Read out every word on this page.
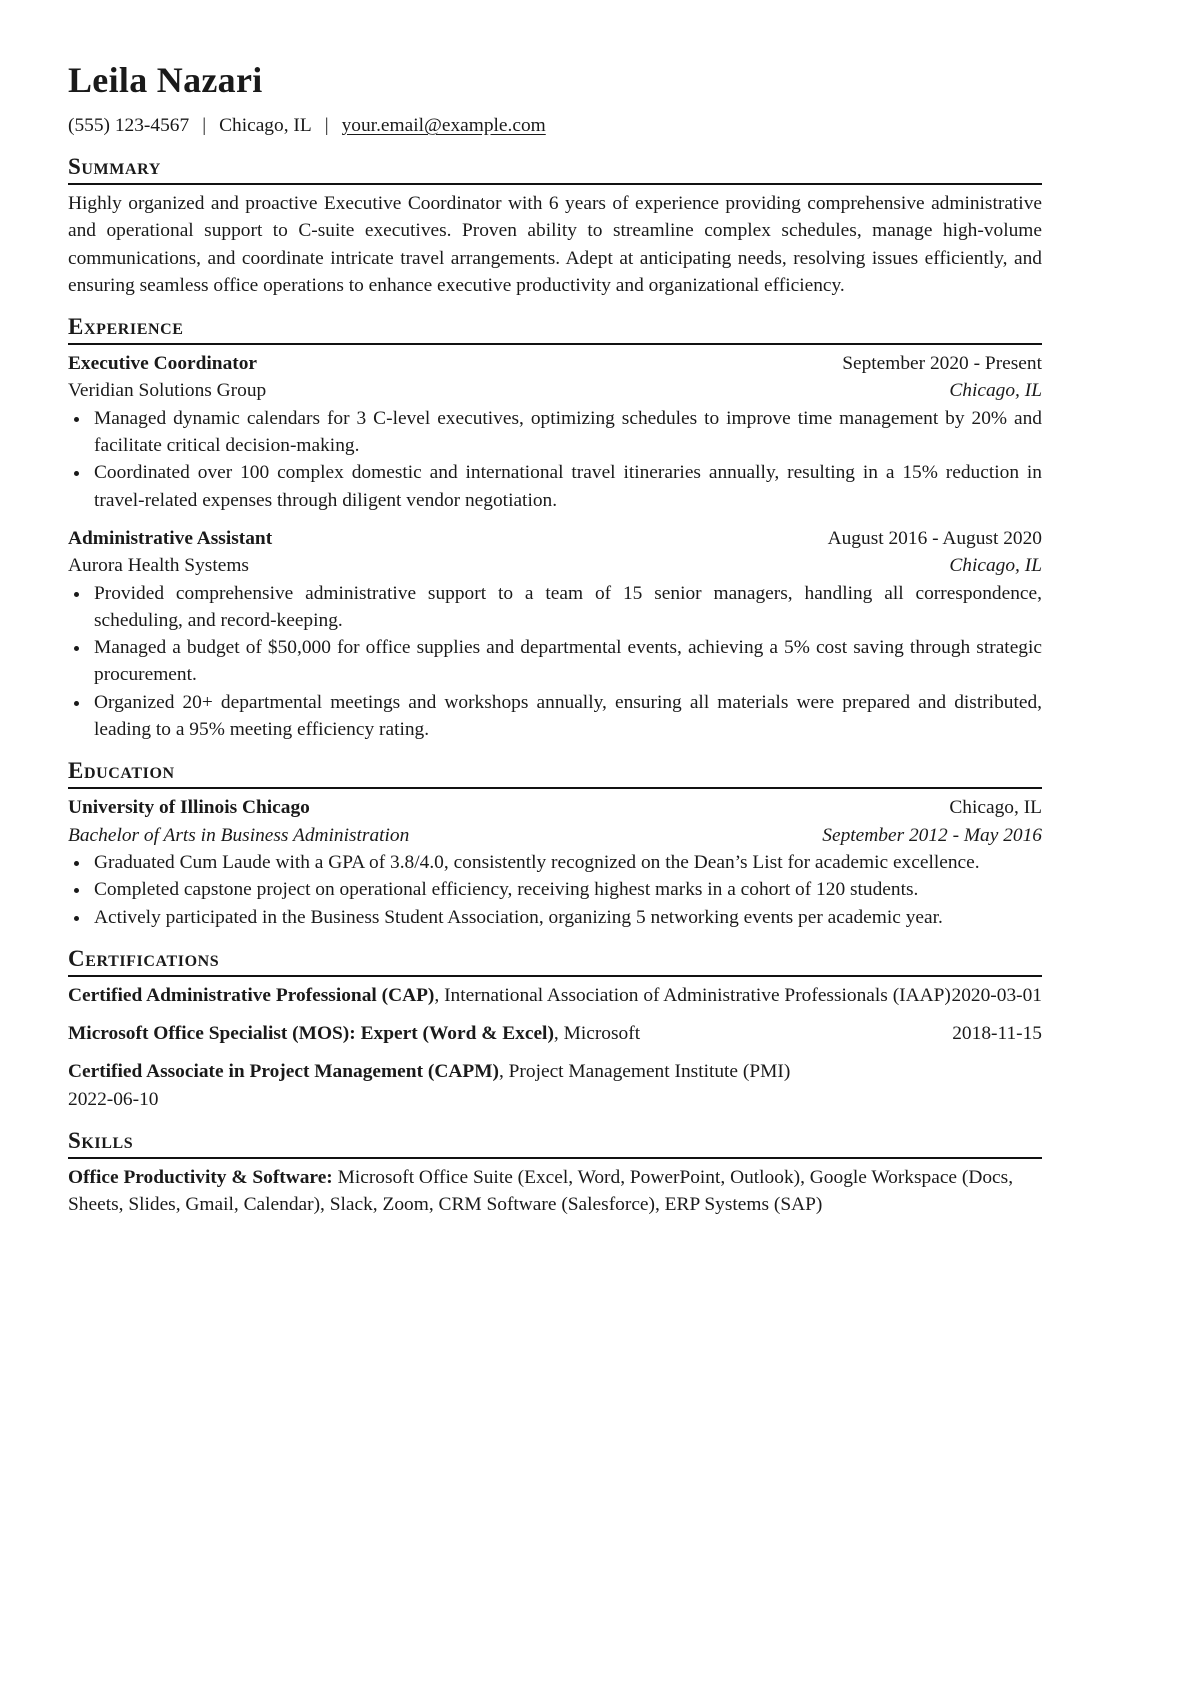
Leila Nazari
(555) 123-4567 | Chicago, IL | your.email@example.com
Summary
Highly organized and proactive Executive Coordinator with 6 years of experience providing comprehensive administrative and operational support to C-suite executives. Proven ability to streamline complex schedules, manage high-volume communications, and coordinate intricate travel arrangements. Adept at anticipating needs, resolving issues efficiently, and ensuring seamless office operations to enhance executive productivity and organizational efficiency.
Experience
Executive Coordinator	September 2020 - Present
Veridian Solutions Group	Chicago, IL
Managed dynamic calendars for 3 C-level executives, optimizing schedules to improve time management by 20% and facilitate critical decision-making.
Coordinated over 100 complex domestic and international travel itineraries annually, resulting in a 15% reduction in travel-related expenses through diligent vendor negotiation.
Administrative Assistant	August 2016 - August 2020
Aurora Health Systems	Chicago, IL
Provided comprehensive administrative support to a team of 15 senior managers, handling all correspondence, scheduling, and record-keeping.
Managed a budget of $50,000 for office supplies and departmental events, achieving a 5% cost saving through strategic procurement.
Organized 20+ departmental meetings and workshops annually, ensuring all materials were prepared and distributed, leading to a 95% meeting efficiency rating.
Education
University of Illinois Chicago	Chicago, IL
Bachelor of Arts in Business Administration	September 2012 - May 2016
Graduated Cum Laude with a GPA of 3.8/4.0, consistently recognized on the Dean’s List for academic excellence.
Completed capstone project on operational efficiency, receiving highest marks in a cohort of 120 students.
Actively participated in the Business Student Association, organizing 5 networking events per academic year.
Certifications
Certified Administrative Professional (CAP), International Association of Administrative Professionals (IAAP) 2020-03-01
Microsoft Office Specialist (MOS): Expert (Word & Excel), Microsoft	2018-11-15
Certified Associate in Project Management (CAPM), Project Management Institute (PMI)
2022-06-10
Skills
Office Productivity & Software: Microsoft Office Suite (Excel, Word, PowerPoint, Outlook), Google Workspace (Docs, Sheets, Slides, Gmail, Calendar), Slack, Zoom, CRM Software (Salesforce), ERP Systems (SAP)
